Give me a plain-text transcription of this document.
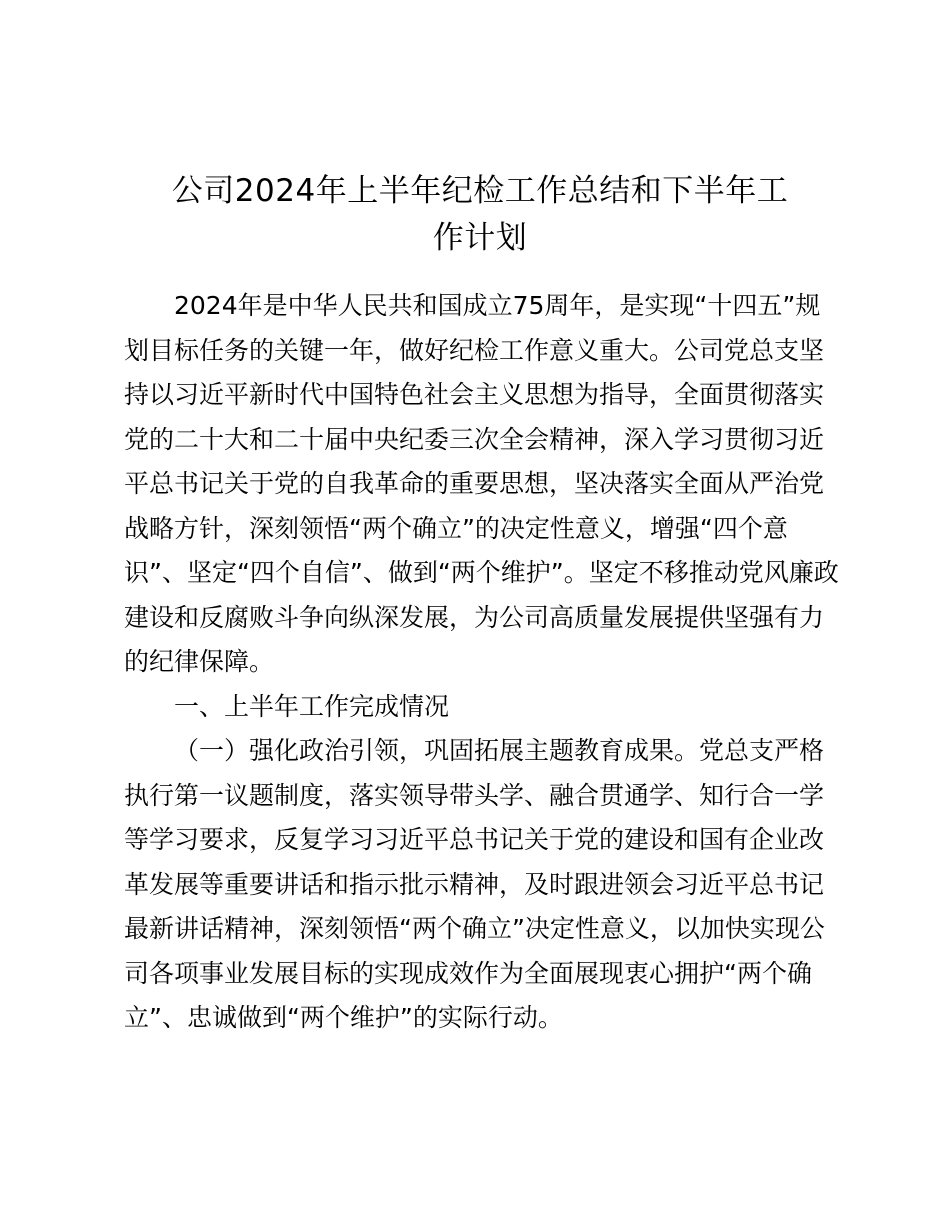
公司2024年上半年纪检工作总结和下半年工
作计划

2024年是中华人民共和国成立75周年，是实现“十四五”规
划目标任务的关键一年，做好纪检工作意义重大。公司党总支坚
持以习近平新时代中国特色社会主义思想为指导，全面贯彻落实
党的二十大和二十届中央纪委三次全会精神，深入学习贯彻习近
平总书记关于党的自我革命的重要思想，坚决落实全面从严治党
战略方针，深刻领悟“两个确立”的决定性意义，增强“四个意
识”、坚定“四个自信”、做到“两个维护”。坚定不移推动党风廉政
建设和反腐败斗争向纵深发展，为公司高质量发展提供坚强有力
的纪律保障。

一、上半年工作完成情况

（一）强化政治引领，巩固拓展主题教育成果。党总支严格
执行第一议题制度，落实领导带头学、融合贯通学、知行合一学
等学习要求，反复学习习近平总书记关于党的建设和国有企业改
革发展等重要讲话和指示批示精神，及时跟进领会习近平总书记
最新讲话精神，深刻领悟“两个确立”决定性意义，以加快实现公
司各项事业发展目标的实现成效作为全面展现衷心拥护“两个确
立”、忠诚做到“两个维护”的实际行动。
